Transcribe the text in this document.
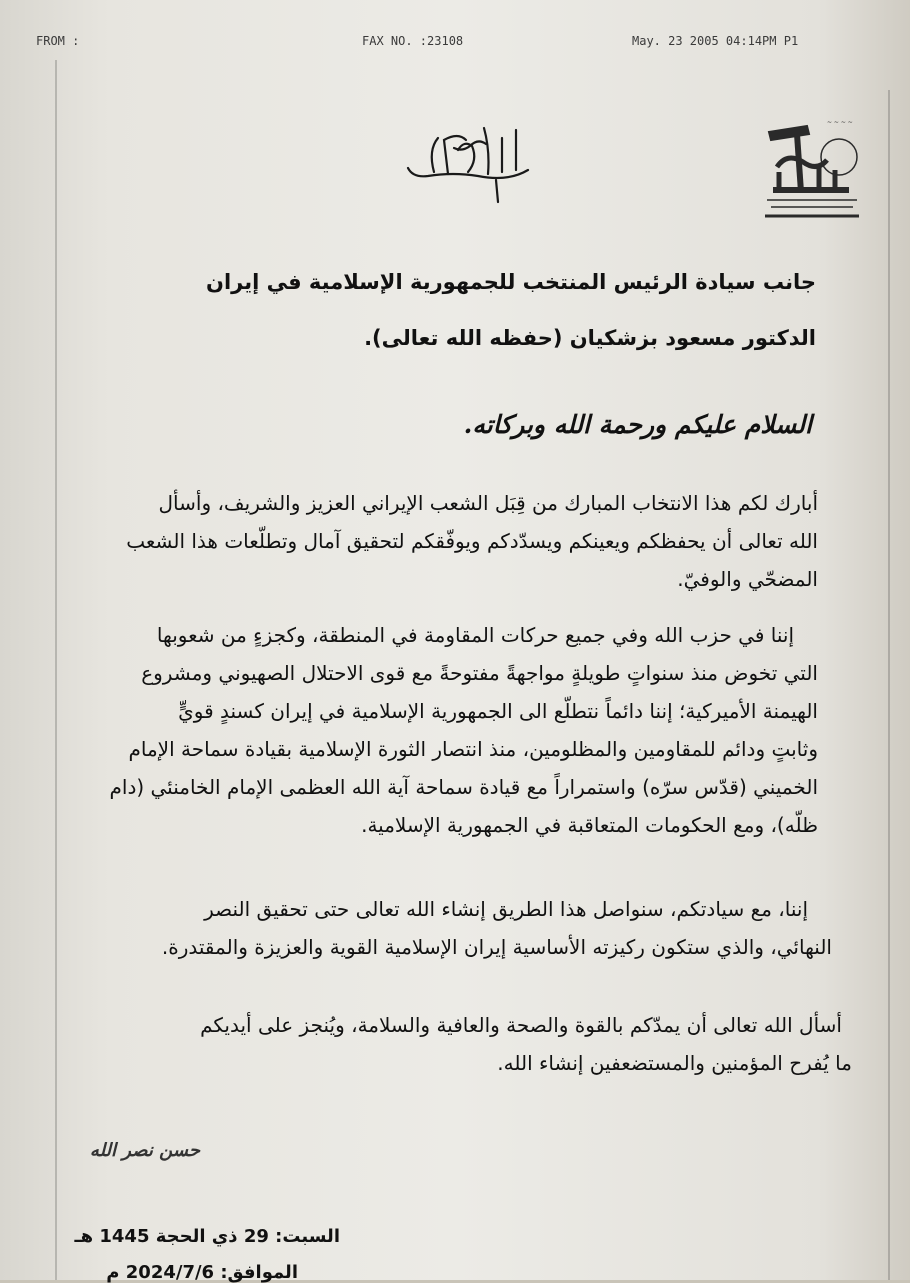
FROM :	FAX NO. :23108	May. 23 2005 04:14PM P1
~ ~ ~ ~
جانب سيادة الرئيس المنتخب للجمهورية الإسلامية في إيران
الدكتور مسعود بزشكيان (حفظه الله تعالى).
السلام عليكم ورحمة الله وبركاته.
أبارك لكم هذا الانتخاب المبارك من قِبَل الشعب الإيراني العزيز والشريف، وأسأل
الله تعالى أن يحفظكم ويعينكم ويسدّدكم ويوفّقكم لتحقيق آمال وتطلّعات هذا الشعب
المضحّي والوفيّ.
إننا في حزب الله وفي جميع حركات المقاومة في المنطقة، وكجزءٍ من شعوبها
التي تخوض منذ سنواتٍ طويلةٍ مواجهةً مفتوحةً مع قوى الاحتلال الصهيوني ومشروع
الهيمنة الأميركية؛ إننا دائماً نتطلّع الى الجمهورية الإسلامية في إيران كسندٍ قويٍّ
وثابتٍ ودائم للمقاومين والمظلومين، منذ انتصار الثورة الإسلامية بقيادة سماحة الإمام
الخميني (قدّس سرّه) واستمراراً مع قيادة سماحة آية الله العظمى الإمام الخامنئي (دام
ظلّه)، ومع الحكومات المتعاقبة في الجمهورية الإسلامية.
إننا، مع سيادتكم، سنواصل هذا الطريق إنشاء الله تعالى حتى تحقيق النصر
النهائي، والذي ستكون ركيزته الأساسية إيران الإسلامية القوية والعزيزة والمقتدرة.
أسأل الله تعالى أن يمدّكم بالقوة والصحة والعافية والسلامة، ويُنجز على أيديكم
ما يُفرح المؤمنين والمستضعفين إنشاء الله.
حسن نصر الله
السبت: 29 ذي الحجة 1445 هـ
الموافق: 2024/7/6 م
